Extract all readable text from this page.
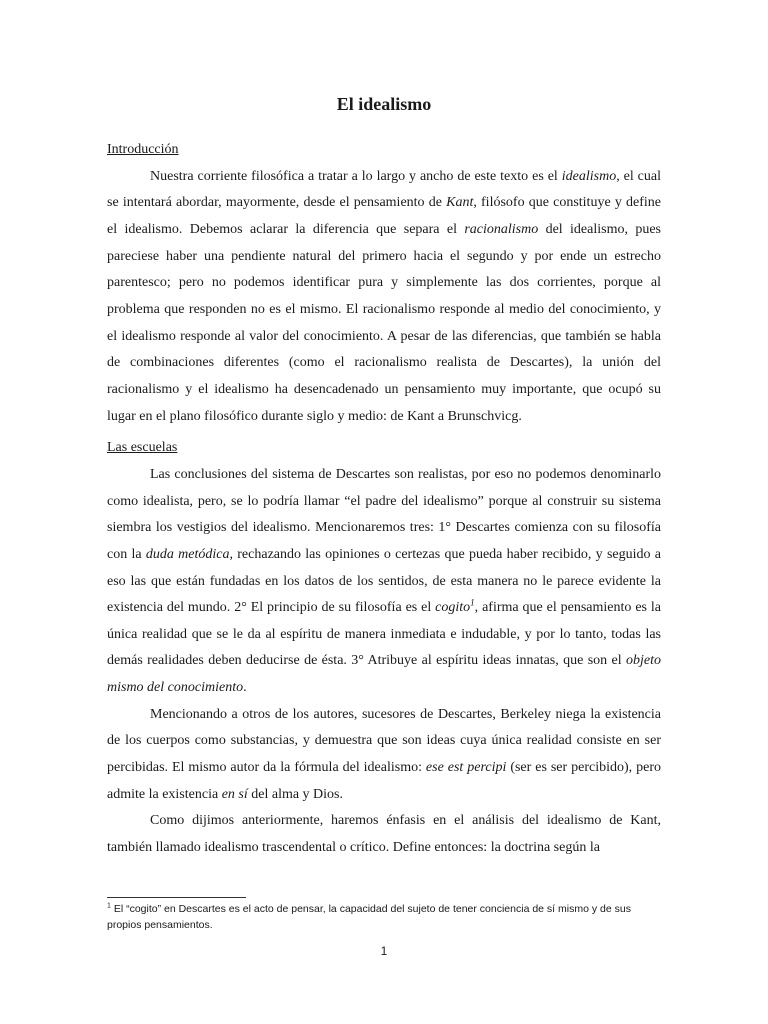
El idealismo
Introducción

Nuestra corriente filosófica a tratar a lo largo y ancho de este texto es el idealismo, el cual se intentará abordar, mayormente, desde el pensamiento de Kant, filósofo que constituye y define el idealismo. Debemos aclarar la diferencia que separa el racionalismo del idealismo, pues pareciese haber una pendiente natural del primero hacia el segundo y por ende un estrecho parentesco; pero no podemos identificar pura y simplemente las dos corrientes, porque al problema que responden no es el mismo. El racionalismo responde al medio del conocimiento, y el idealismo responde al valor del conocimiento. A pesar de las diferencias, que también se habla de combinaciones diferentes (como el racionalismo realista de Descartes), la unión del racionalismo y el idealismo ha desencadenado un pensamiento muy importante, que ocupó su lugar en el plano filosófico durante siglo y medio: de Kant a Brunschvicg.

Las escuelas

Las conclusiones del sistema de Descartes son realistas, por eso no podemos denominarlo como idealista, pero, se lo podría llamar “el padre del idealismo” porque al construir su sistema siembra los vestigios del idealismo. Mencionaremos tres: 1° Descartes comienza con su filosofía con la duda metódica, rechazando las opiniones o certezas que pueda haber recibido, y seguido a eso las que están fundadas en los datos de los sentidos, de esta manera no le parece evidente la existencia del mundo. 2° El principio de su filosofía es el cogito$^1$, afirma que el pensamiento es la única realidad que se le da al espíritu de manera inmediata e indudable, y por lo tanto, todas las demás realidades deben deducirse de ésta. 3° Atribuye al espíritu ideas innatas, que son el objeto mismo del conocimiento.

Mencionando a otros de los autores, sucesores de Descartes, Berkeley niega la existencia de los cuerpos como substancias, y demuestra que son ideas cuya única realidad consiste en ser percibidas. El mismo autor da la fórmula del idealismo: ese est percipi (ser es ser percibido), pero admite la existencia en sí del alma y Dios.

Como dijimos anteriormente, haremos énfasis en el análisis del idealismo de Kant, también llamado idealismo trascendental o crítico. Define entonces: la doctrina según la

$^1$ El “cogito” en Descartes es el acto de pensar, la capacidad del sujeto de tener conciencia de sí mismo y de sus propios pensamientos.
1
